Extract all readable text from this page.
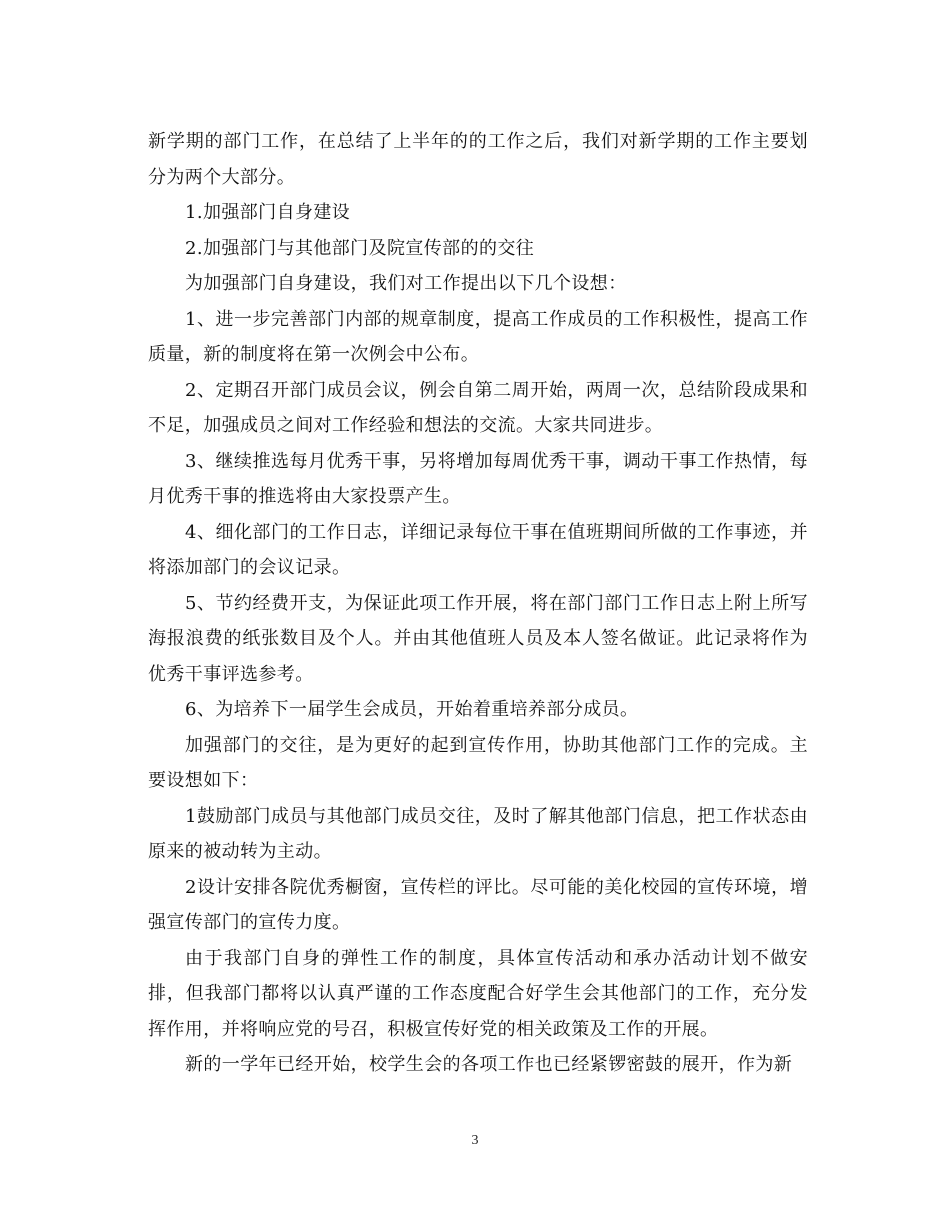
新学期的部门工作，在总结了上半年的的工作之后，我们对新学期的工作主要划分为两个大部分。

1.加强部门自身建设

2.加强部门与其他部门及院宣传部的的交往

为加强部门自身建设，我们对工作提出以下几个设想：

1、进一步完善部门内部的规章制度，提高工作成员的工作积极性，提高工作质量，新的制度将在第一次例会中公布。

2、定期召开部门成员会议，例会自第二周开始，两周一次，总结阶段成果和不足，加强成员之间对工作经验和想法的交流。大家共同进步。

3、继续推选每月优秀干事，另将增加每周优秀干事，调动干事工作热情，每月优秀干事的推选将由大家投票产生。

4、细化部门的工作日志，详细记录每位干事在值班期间所做的工作事迹，并将添加部门的会议记录。

5、节约经费开支，为保证此项工作开展，将在部门部门工作日志上附上所写海报浪费的纸张数目及个人。并由其他值班人员及本人签名做证。此记录将作为优秀干事评选参考。

6、为培养下一届学生会成员，开始着重培养部分成员。

加强部门的交往，是为更好的起到宣传作用，协助其他部门工作的完成。主要设想如下：

1鼓励部门成员与其他部门成员交往，及时了解其他部门信息，把工作状态由原来的被动转为主动。

2设计安排各院优秀橱窗，宣传栏的评比。尽可能的美化校园的宣传环境，增强宣传部门的宣传力度。

由于我部门自身的弹性工作的制度，具体宣传活动和承办活动计划不做安排，但我部门都将以认真严谨的工作态度配合好学生会其他部门的工作，充分发挥作用，并将响应党的号召，积极宣传好党的相关政策及工作的开展。

新的一学年已经开始，校学生会的各项工作也已经紧锣密鼓的展开，作为新

3
